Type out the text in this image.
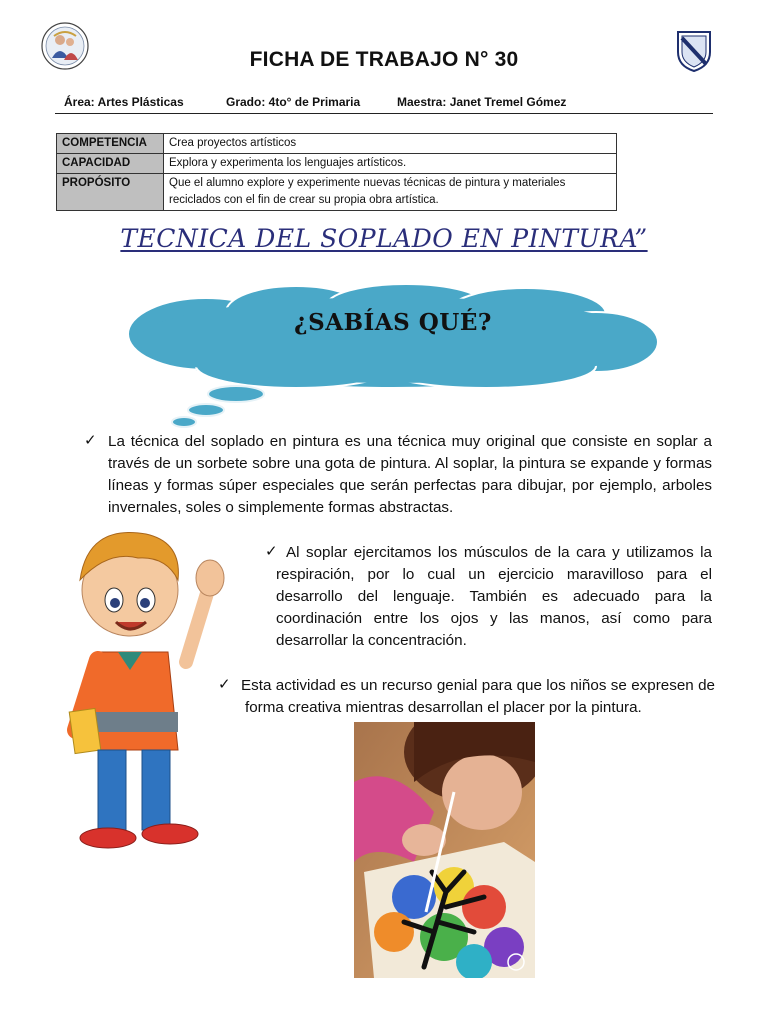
FICHA DE TRABAJO N° 30
Área: Artes Plásticas	Grado: 4to° de Primaria	Maestra: Janet Tremel Gómez
COMPETENCIA	Crea proyectos artísticos
CAPACIDAD	Explora y experimenta los lenguajes artísticos.
PROPÓSITO	Que el alumno explore y experimente nuevas técnicas de pintura y materiales reciclados con el fin de crear su propia obra artística.
TECNICA DEL SOPLADO EN PINTURA”
¿SABÍAS QUÉ?
✓ La técnica del soplado en pintura es una técnica muy original que consiste en soplar a través de un sorbete sobre una gota de pintura. Al soplar, la pintura se expande y formas líneas y formas súper especiales que serán perfectas para dibujar, por ejemplo, arboles invernales, soles o simplemente formas abstractas.
✓ Al soplar ejercitamos los músculos de la cara y utilizamos la respiración, por lo cual un ejercicio maravilloso para el desarrollo del lenguaje. También es adecuado para la coordinación entre los ojos y las manos, así como para desarrollar la concentración.
✓ Esta actividad es un recurso genial para que los niños se expresen de forma creativa mientras desarrollan el placer por la pintura.
